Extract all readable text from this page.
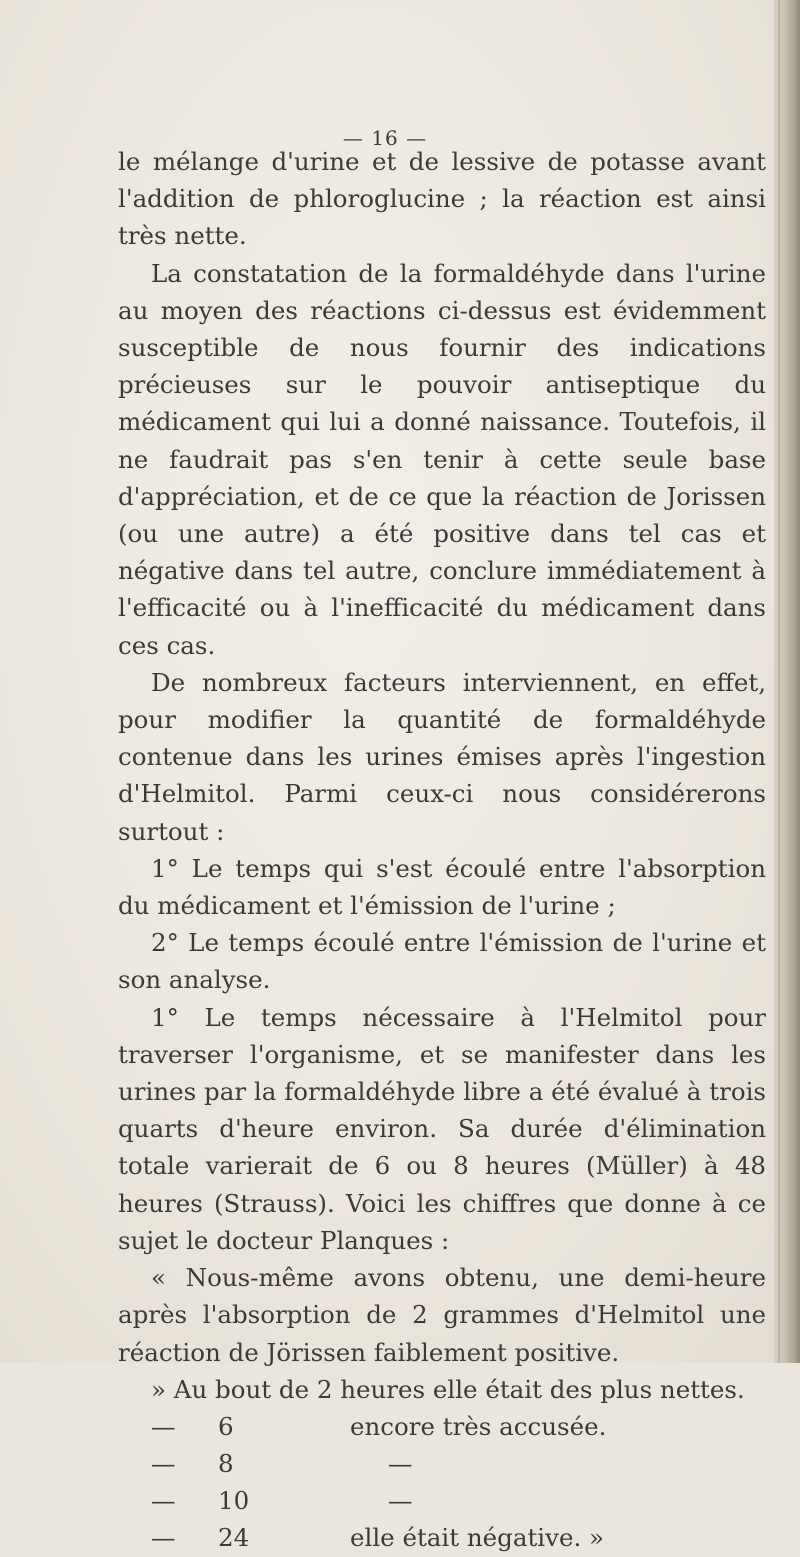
— 16 —

le mélange d'urine et de lessive de potasse avant l'addition de phloroglucine ; la réaction est ainsi très nette.

La constatation de la formaldéhyde dans l'urine au moyen des réactions ci-dessus est évidemment susceptible de nous fournir des indications précieuses sur le pouvoir antiseptique du médicament qui lui a donné naissance. Toutefois, il ne faudrait pas s'en tenir à cette seule base d'appréciation, et de ce que la réaction de Jorissen (ou une autre) a été positive dans tel cas et négative dans tel autre, conclure immédiatement à l'efficacité ou à l'inefficacité du médicament dans ces cas.

De nombreux facteurs interviennent, en effet, pour modifier la quantité de formaldéhyde contenue dans les urines émises après l'ingestion d'Helmitol. Parmi ceux-ci nous considérerons surtout :

1° Le temps qui s'est écoulé entre l'absorption du médicament et l'émission de l'urine ;

2° Le temps écoulé entre l'émission de l'urine et son analyse.

1° Le temps nécessaire à l'Helmitol pour traverser l'organisme, et se manifester dans les urines par la formaldéhyde libre a été évalué à trois quarts d'heure environ. Sa durée d'élimination totale varierait de 6 ou 8 heures (Müller) à 48 heures (Strauss). Voici les chiffres que donne à ce sujet le docteur Planques :

« Nous-même avons obtenu, une demi-heure après l'absorption de 2 grammes d'Helmitol une réaction de Jörissen faiblement positive.

» Au bout de 2 heures elle était des plus nettes.

— 6	encore très accusée.
— 8	—
— 10	—
— 24	elle était négative. »
